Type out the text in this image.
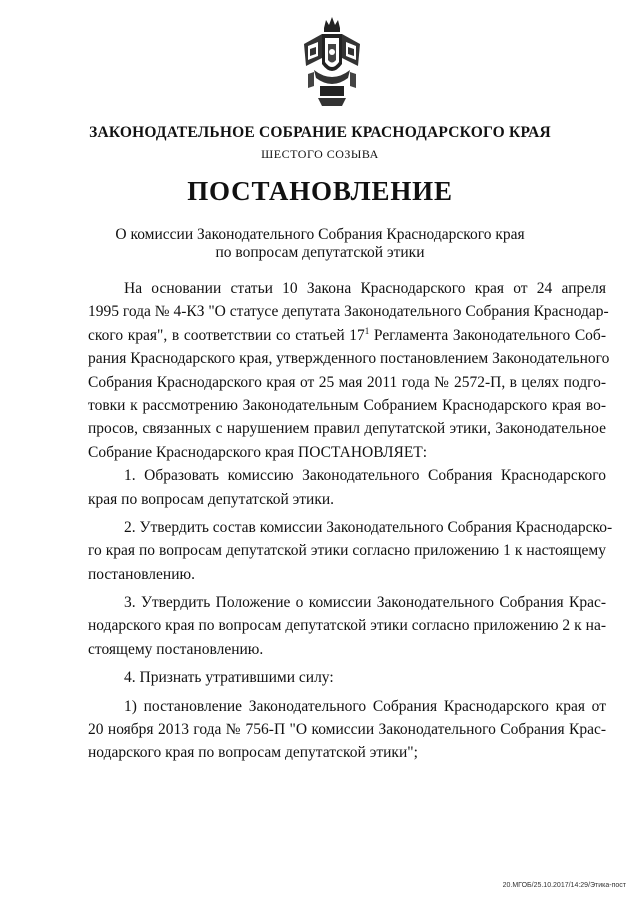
ЗАКОНОДАТЕЛЬНОЕ СОБРАНИЕ КРАСНОДАРСКОГО КРАЯ
ШЕСТОГО СОЗЫВА
ПОСТАНОВЛЕНИЕ
О комиссии Законодательного Собрания Краснодарского края
по вопросам депутатской этики
На основании статьи 10 Закона Краснодарского края от 24 апреля
1995 года № 4-КЗ "О статусе депутата Законодательного Собрания Краснодар-
ского края", в соответствии со статьей $17^1$ Регламента Законодательного Соб-
рания Краснодарского края, утвержденного постановлением Законодательного
Собрания Краснодарского края от 25 мая 2011 года № 2572-П, в целях подго-
товки к рассмотрению Законодательным Собранием Краснодарского края во-
просов, связанных с нарушением правил депутатской этики, Законодательное
Собрание Краснодарского края ПОСТАНОВЛЯЕТ:
1. Образовать комиссию Законодательного Собрания Краснодарского
края по вопросам депутатской этики.
2. Утвердить состав комиссии Законодательного Собрания Краснодарско-
го края по вопросам депутатской этики согласно приложению 1 к настоящему
постановлению.
3. Утвердить Положение о комиссии Законодательного Собрания Крас-
нодарского края по вопросам депутатской этики согласно приложению 2 к на-
стоящему постановлению.
4. Признать утратившими силу:
1) постановление Законодательного Собрания Краснодарского края от
20 ноября 2013 года № 756-П "О комиссии Законодательного Собрания Крас-
нодарского края по вопросам депутатской этики";
20.МГОБ/25.10.2017/14:29/Этика-пост
